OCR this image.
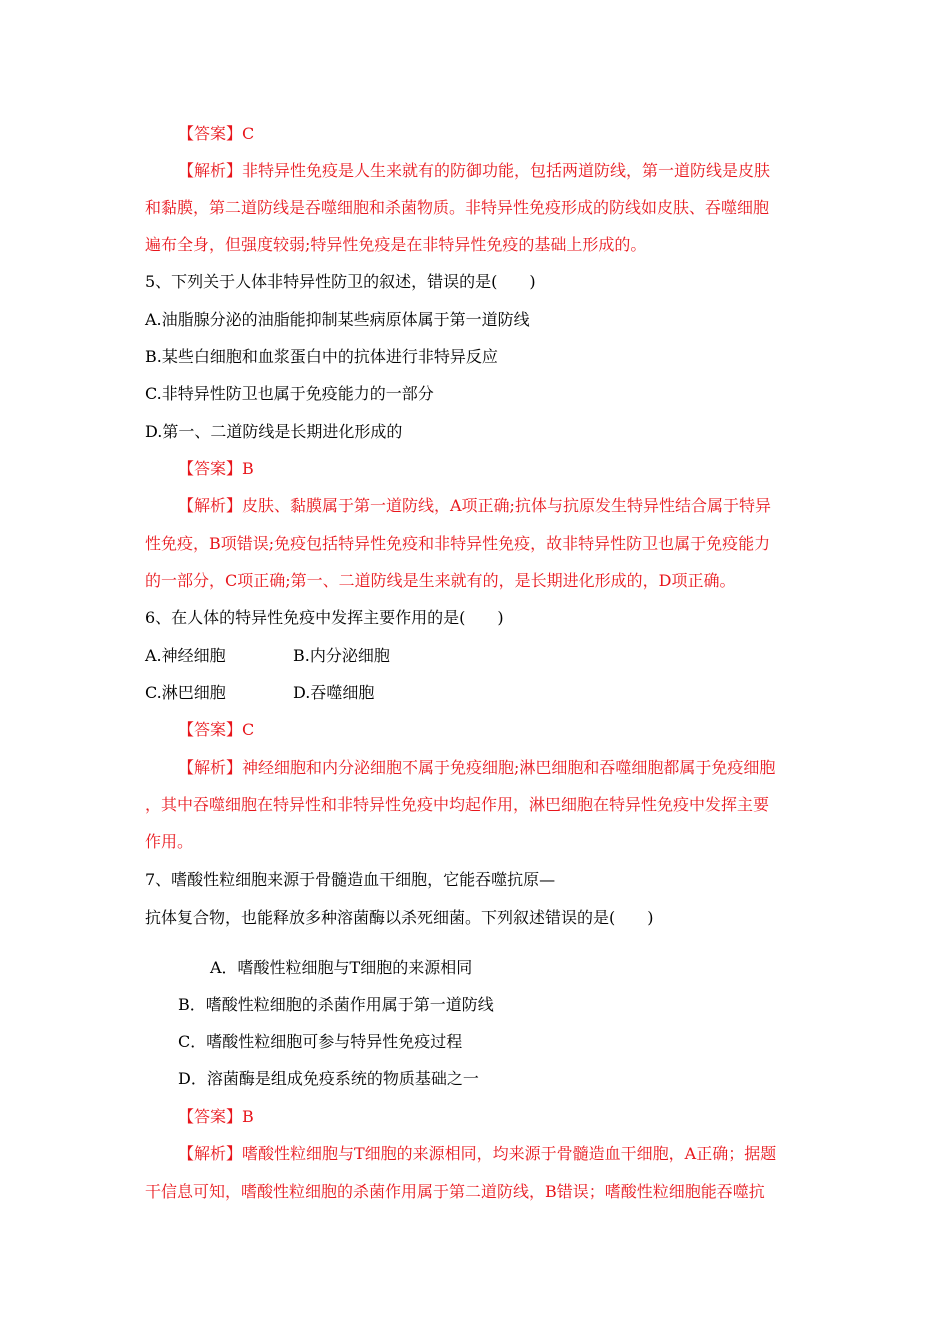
【答案】C
【解析】非特异性免疫是人生来就有的防御功能，包括两道防线，第一道防线是皮肤
和黏膜，第二道防线是吞噬细胞和杀菌物质。非特异性免疫形成的防线如皮肤、吞噬细胞
遍布全身，但强度较弱;特异性免疫是在非特异性免疫的基础上形成的。
5、下列关于人体非特异性防卫的叙述，错误的是(　　)
A.油脂腺分泌的油脂能抑制某些病原体属于第一道防线
B.某些白细胞和血浆蛋白中的抗体进行非特异反应
C.非特异性防卫也属于免疫能力的一部分
D.第一、二道防线是长期进化形成的
【答案】B
【解析】皮肤、黏膜属于第一道防线，A项正确;抗体与抗原发生特异性结合属于特异
性免疫，B项错误;免疫包括特异性免疫和非特异性免疫，故非特异性防卫也属于免疫能力
的一部分，C项正确;第一、二道防线是生来就有的，是长期进化形成的，D项正确。
6、在人体的特异性免疫中发挥主要作用的是(　　)
A.神经细胞	B.内分泌细胞
C.淋巴细胞	D.吞噬细胞
【答案】C
【解析】神经细胞和内分泌细胞不属于免疫细胞;淋巴细胞和吞噬细胞都属于免疫细胞
，其中吞噬细胞在特异性和非特异性免疫中均起作用，淋巴细胞在特异性免疫中发挥主要
作用。
7、嗜酸性粒细胞来源于骨髓造血干细胞，它能吞噬抗原—
抗体复合物，也能释放多种溶菌酶以杀死细菌。下列叙述错误的是(　　)
A．嗜酸性粒细胞与T细胞的来源相同
B．嗜酸性粒细胞的杀菌作用属于第一道防线
C．嗜酸性粒细胞可参与特异性免疫过程
D．溶菌酶是组成免疫系统的物质基础之一
【答案】B
【解析】嗜酸性粒细胞与T细胞的来源相同，均来源于骨髓造血干细胞，A正确；据题
干信息可知，嗜酸性粒细胞的杀菌作用属于第二道防线，B错误；嗜酸性粒细胞能吞噬抗
